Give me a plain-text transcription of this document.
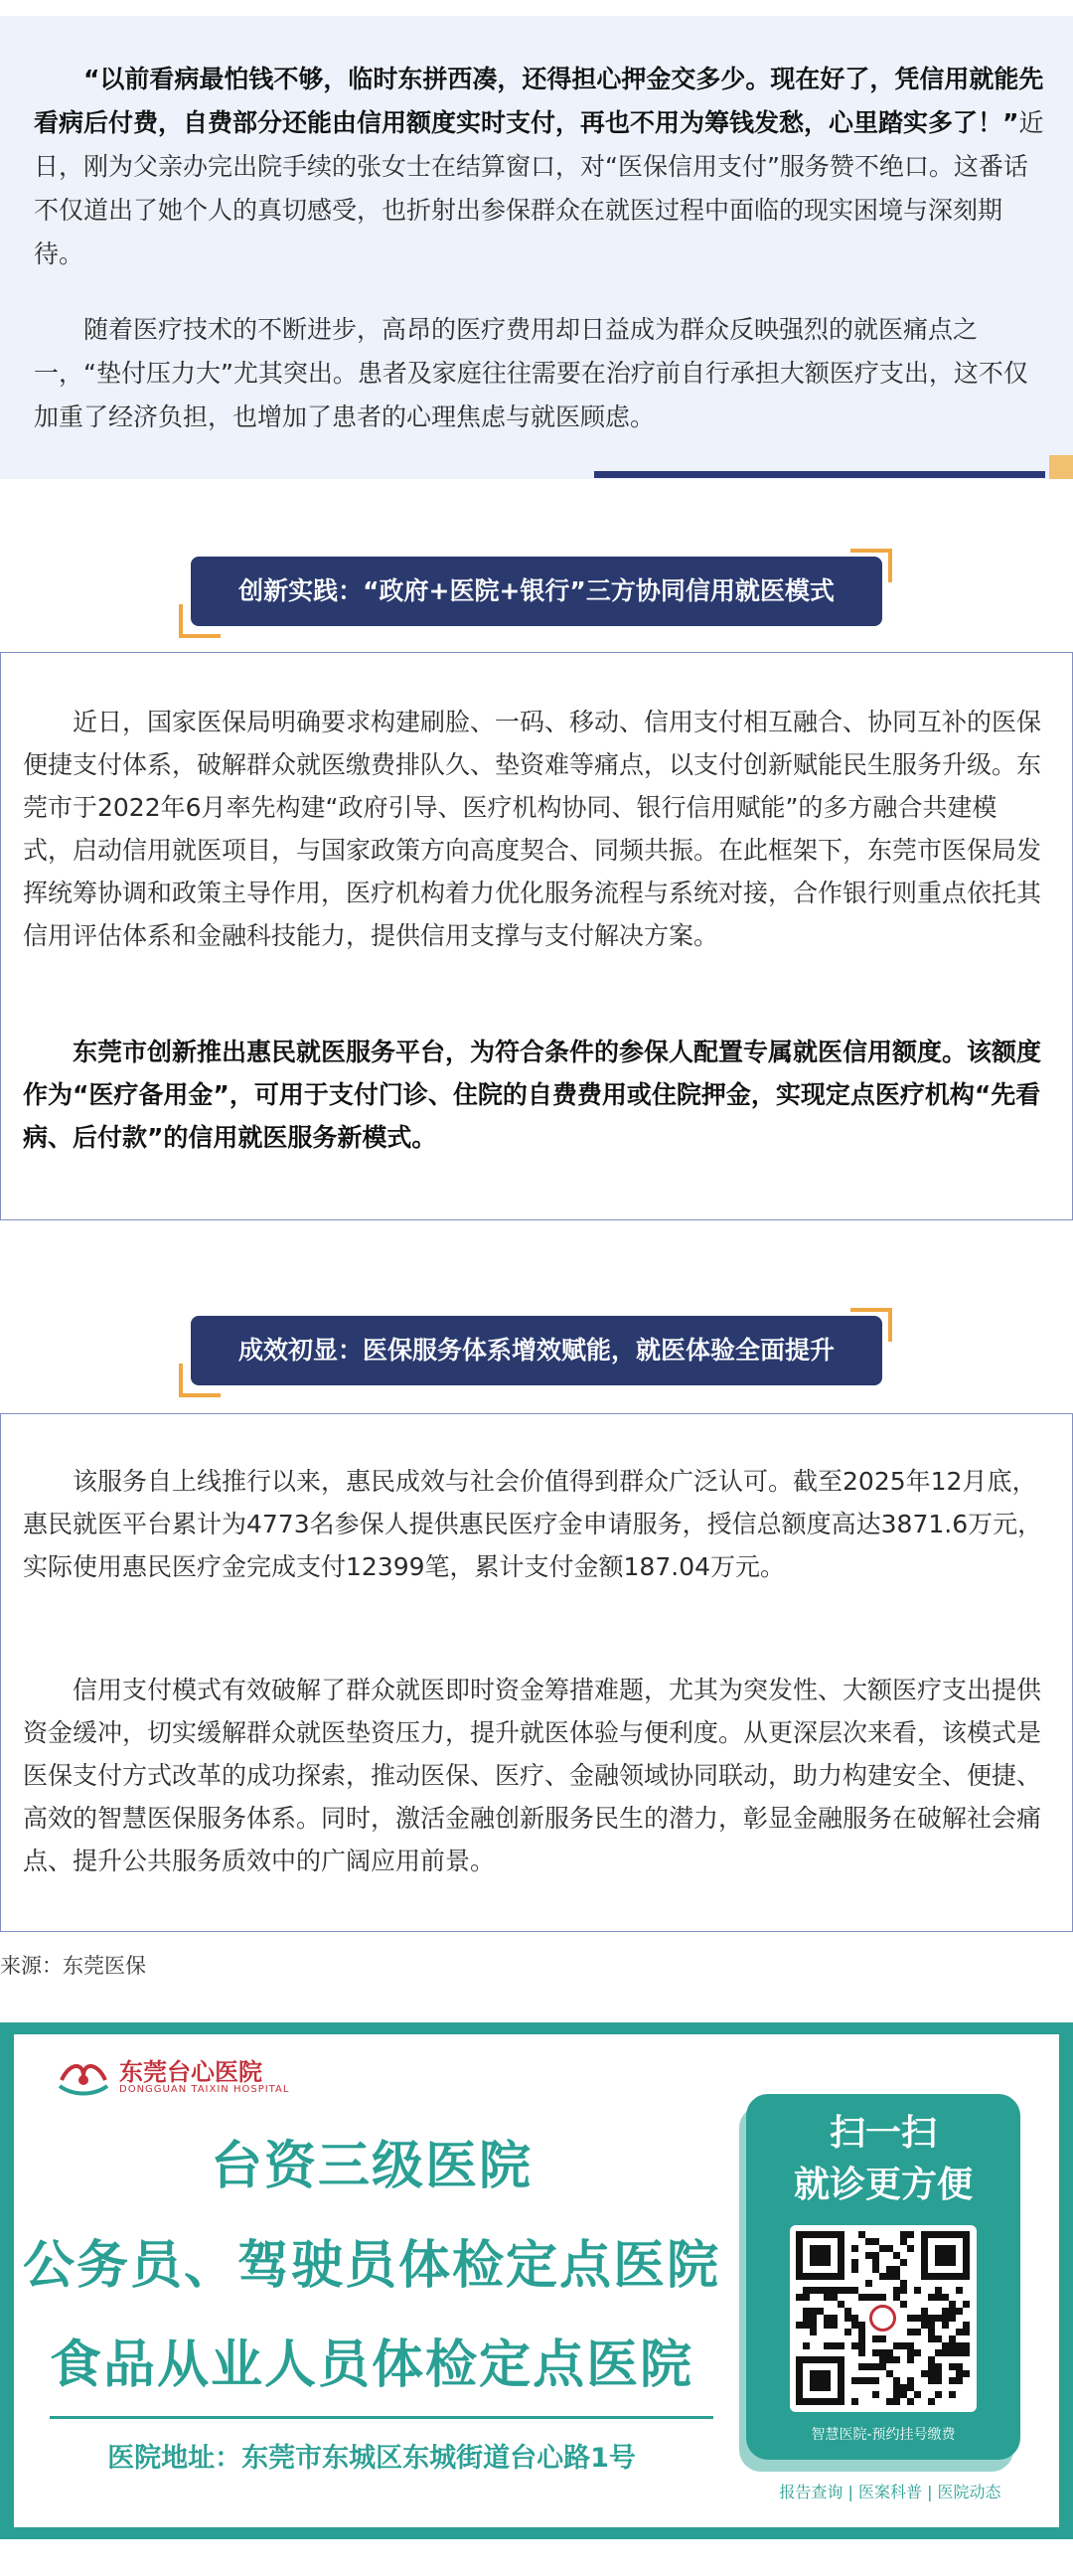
“以前看病最怕钱不够，临时东拼西凑，还得担心押金交多少。现在好了，凭信用就能先看病后付费，自费部分还能由信用额度实时支付，再也不用为筹钱发愁，心里踏实多了！”近日，刚为父亲办完出院手续的张女士在结算窗口，对“医保信用支付”服务赞不绝口。这番话不仅道出了她个人的真切感受，也折射出参保群众在就医过程中面临的现实困境与深刻期待。

随着医疗技术的不断进步，高昂的医疗费用却日益成为群众反映强烈的就医痛点之一，“垫付压力大”尤其突出。患者及家庭往往需要在治疗前自行承担大额医疗支出，这不仅加重了经济负担，也增加了患者的心理焦虑与就医顾虑。

创新实践：“政府+医院+银行”三方协同信用就医模式

近日，国家医保局明确要求构建刷脸、一码、移动、信用支付相互融合、协同互补的医保便捷支付体系，破解群众就医缴费排队久、垫资难等痛点，以支付创新赋能民生服务升级。东莞市于2022年6月率先构建“政府引导、医疗机构协同、银行信用赋能”的多方融合共建模式，启动信用就医项目，与国家政策方向高度契合、同频共振。在此框架下，东莞市医保局发挥统筹协调和政策主导作用，医疗机构着力优化服务流程与系统对接，合作银行则重点依托其信用评估体系和金融科技能力，提供信用支撑与支付解决方案。

东莞市创新推出惠民就医服务平台，为符合条件的参保人配置专属就医信用额度。该额度作为“医疗备用金”，可用于支付门诊、住院的自费费用或住院押金，实现定点医疗机构“先看病、后付款”的信用就医服务新模式。

成效初显：医保服务体系增效赋能，就医体验全面提升

该服务自上线推行以来，惠民成效与社会价值得到群众广泛认可。截至2025年12月底，惠民就医平台累计为4773名参保人提供惠民医疗金申请服务，授信总额度高达3871.6万元，实际使用惠民医疗金完成支付12399笔，累计支付金额187.04万元。

信用支付模式有效破解了群众就医即时资金筹措难题，尤其为突发性、大额医疗支出提供资金缓冲，切实缓解群众就医垫资压力，提升就医体验与便利度。从更深层次来看，该模式是医保支付方式改革的成功探索，推动医保、医疗、金融领域协同联动，助力构建安全、便捷、高效的智慧医保服务体系。同时，激活金融创新服务民生的潜力，彰显金融服务在破解社会痛点、提升公共服务质效中的广阔应用前景。

来源：东莞医保
东莞台心医院
DONGGUAN TAIXIN HOSPITAL
台资三级医院
公务员、驾驶员体检定点医院
食品从业人员体检定点医院
医院地址：东莞市东城区东城街道台心路1号
扫一扫
就诊更方便
智慧医院-预约挂号缴费
报告查询 | 医案科普 | 医院动态
